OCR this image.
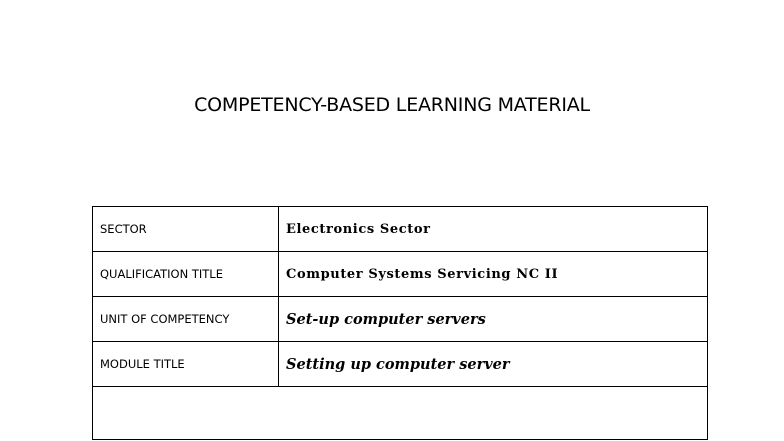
COMPETENCY-BASED LEARNING MATERIAL
SECTOR	Electronics Sector
QUALIFICATION TITLE	Computer Systems Servicing NC II
UNIT OF COMPETENCY	Set-up computer servers
MODULE TITLE	Setting up computer server
